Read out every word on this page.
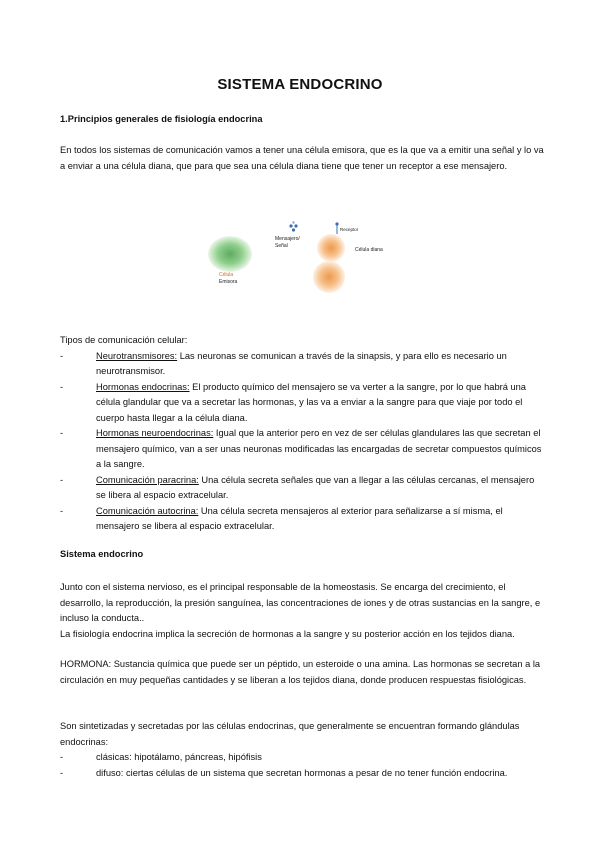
SISTEMA ENDOCRINO
1.Principios generales de fisiología endocrina
En todos los sistemas de comunicación vamos a tener una célula emisora, que es la que va a emitir una señal y lo va a enviar a una célula diana, que para que sea una célula diana tiene que tener un receptor a ese mensajero.
Célula
Emisora
Mensajero/
Señal
Receptor
Célula diana
Tipos de comunicación celular:
-	Neurotransmisores: Las neuronas se comunican a través de la sinapsis, y para ello es necesario un neurotransmisor.
-	Hormonas endocrinas: El producto químico del mensajero se va verter a la sangre, por lo que habrá una célula glandular que va a secretar las hormonas, y las va a enviar a la sangre para que viaje por todo el cuerpo hasta llegar a la célula diana.
-	Hormonas neuroendocrinas: Igual que la anterior pero en vez de ser células glandulares las que secretan el mensajero químico, van a ser unas neuronas modificadas las encargadas de secretar compuestos químicos a la sangre.
-	Comunicación paracrina: Una célula secreta señales que van a llegar a las células cercanas, el mensajero se libera al espacio extracelular.
-	Comunicación autocrina: Una célula secreta mensajeros al exterior para señalizarse a sí misma, el mensajero se libera al espacio extracelular.
Sistema endocrino
Junto con el sistema nervioso, es el principal responsable de la homeostasis. Se encarga del crecimiento, el desarrollo, la reproducción, la presión sanguínea, las concentraciones de iones y de otras sustancias en la sangre, e incluso la conducta..
La fisiología endocrina implica la secreción de hormonas a la sangre y su posterior acción en los tejidos diana.
HORMONA: Sustancia química que puede ser un péptido, un esteroide o una amina. Las hormonas se secretan a la circulación en muy pequeñas cantidades y se liberan a los tejidos diana, donde producen respuestas fisiológicas.
Son sintetizadas y secretadas por las células endocrinas, que generalmente se encuentran formando glándulas endocrinas:
-	clásicas: hipotálamo, páncreas, hipófisis
-	difuso: ciertas células de un sistema que secretan hormonas a pesar de no tener función endocrina.
